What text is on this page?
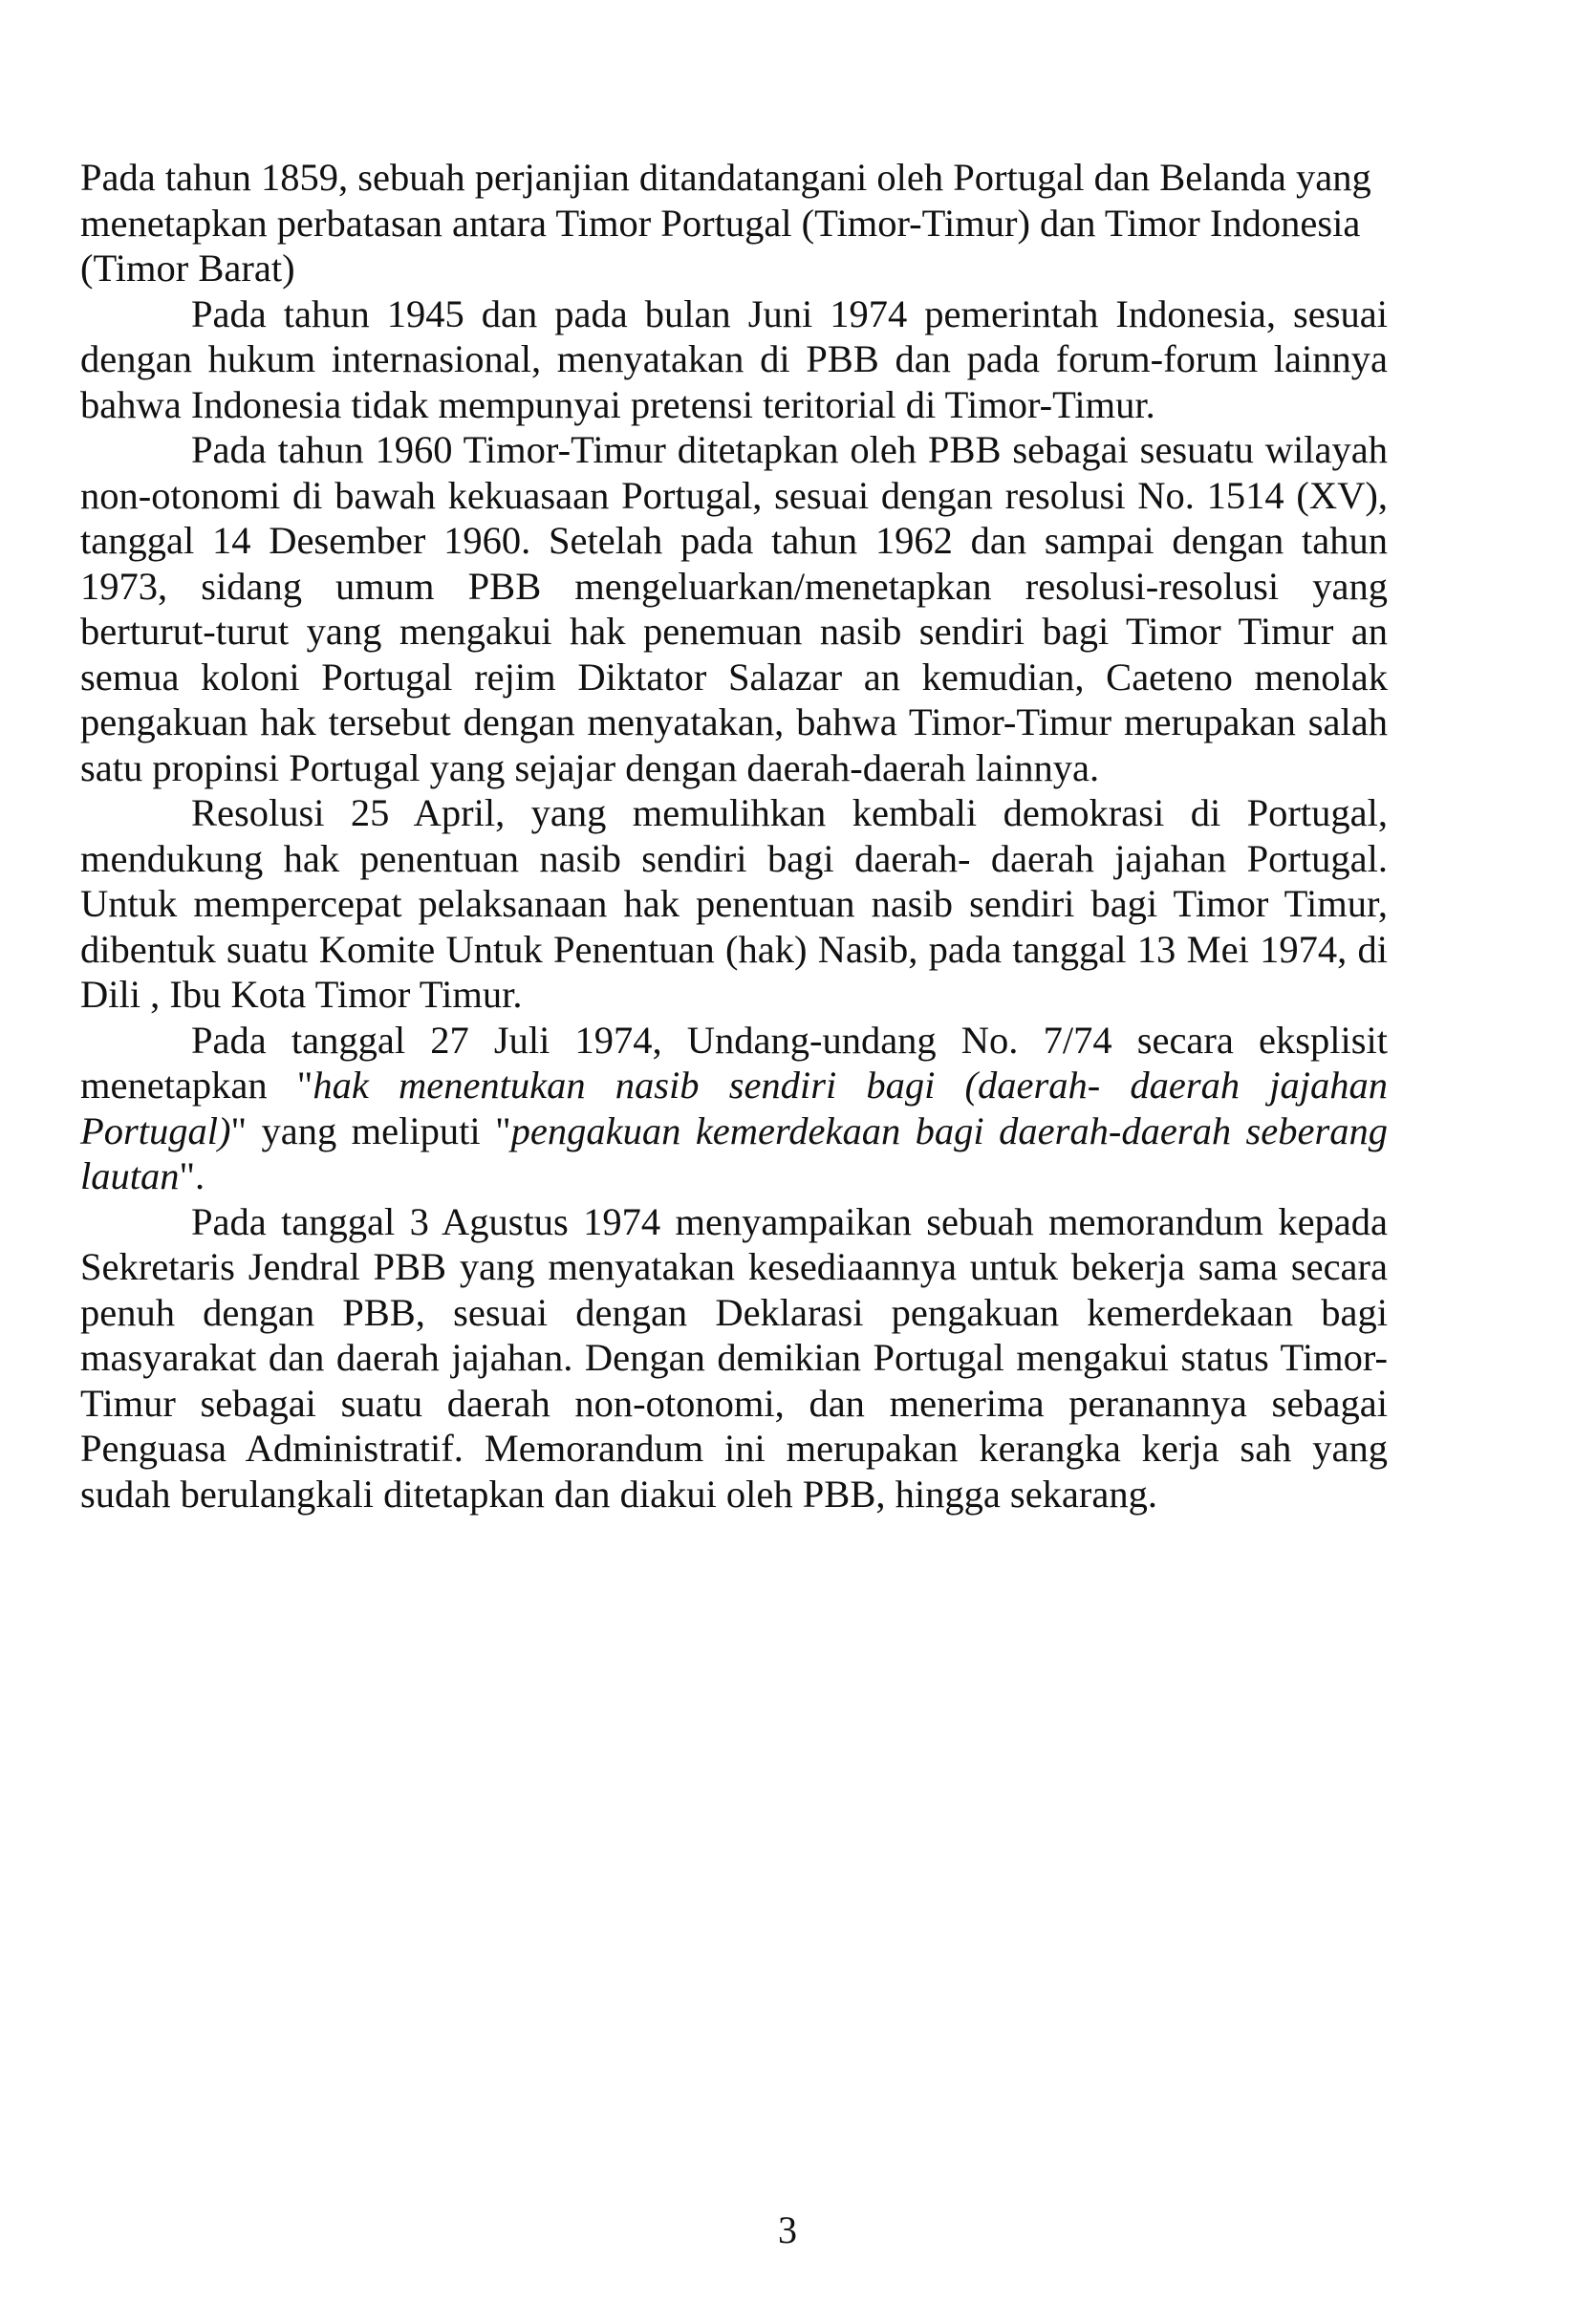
Pada tahun 1859, sebuah perjanjian ditandatangani oleh Portugal dan Belanda yang menetapkan perbatasan antara Timor Portugal (Timor-Timur) dan Timor Indonesia (Timor Barat)

Pada tahun 1945 dan pada bulan Juni 1974 pemerintah Indonesia, sesuai dengan hukum internasional, menyatakan di PBB dan pada forum-forum lainnya bahwa Indonesia tidak mempunyai pretensi teritorial di Timor-Timur.

Pada tahun 1960 Timor-Timur ditetapkan oleh PBB sebagai sesuatu wilayah non-otonomi di bawah kekuasaan Portugal, sesuai dengan resolusi No. 1514 (XV), tanggal 14 Desember 1960. Setelah pada tahun 1962 dan sampai dengan tahun 1973, sidang umum PBB mengeluarkan/menetapkan resolusi-resolusi yang berturut-turut yang mengakui hak penemuan nasib sendiri bagi Timor Timur an semua koloni Portugal rejim Diktator Salazar an kemudian, Caeteno menolak pengakuan hak tersebut dengan menyatakan, bahwa Timor-Timur merupakan salah satu propinsi Portugal yang sejajar dengan daerah-daerah lainnya.

Resolusi 25 April, yang memulihkan kembali demokrasi di Portugal, mendukung hak penentuan nasib sendiri bagi daerah- daerah jajahan Portugal. Untuk mempercepat pelaksanaan hak penentuan nasib sendiri bagi Timor Timur, dibentuk suatu Komite Untuk Penentuan (hak) Nasib, pada tanggal 13 Mei 1974, di Dili , Ibu Kota Timor Timur.

Pada tanggal 27 Juli 1974, Undang-undang No. 7/74 secara eksplisit menetapkan "hak menentukan nasib sendiri bagi (daerah- daerah jajahan Portugal)" yang meliputi "pengakuan kemerdekaan bagi daerah-daerah seberang lautan".

Pada tanggal 3 Agustus 1974 menyampaikan sebuah memorandum kepada Sekretaris Jendral PBB yang menyatakan kesediaannya untuk bekerja sama secara penuh dengan PBB, sesuai dengan Deklarasi pengakuan kemerdekaan bagi masyarakat dan daerah jajahan. Dengan demikian Portugal mengakui status Timor-Timur sebagai suatu daerah non-otonomi, dan menerima peranannya sebagai Penguasa Administratif. Memorandum ini merupakan kerangka kerja sah yang sudah berulangkali ditetapkan dan diakui oleh PBB, hingga sekarang.

3
